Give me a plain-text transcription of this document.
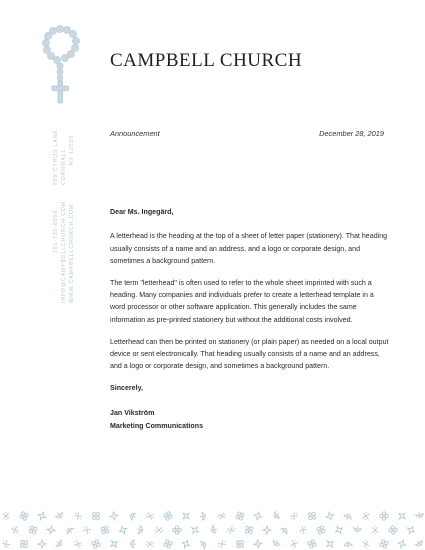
CAMPBELL CHURCH
999 CYRUS LANE CORNWALL NY 12520
201-335-0000 INFO@CAMPBELLCHURCH.COM WWW.CAMPBELLCHURCH.COM
Announcement	December 28, 2019

Dear Ms. Ingegärd,

A letterhead is the heading at the top of a sheet of letter paper (stationery). That heading usually consists of a name and an address, and a logo or corporate design, and sometimes a background pattern.

The term "letterhead" is often used to refer to the whole sheet imprinted with such a heading. Many companies and individuals prefer to create a letterhead template in a word processor or other software application. This generally includes the same information as pre-printed stationery but without the additional costs involved.

Letterhead can then be printed on stationery (or plain paper) as needed on a local output device or sent electronically. That heading usually consists of a name and an address, and a logo or corporate design, and sometimes a background pattern.

Sincerely,

Jan Vikström

Marketing Communications
